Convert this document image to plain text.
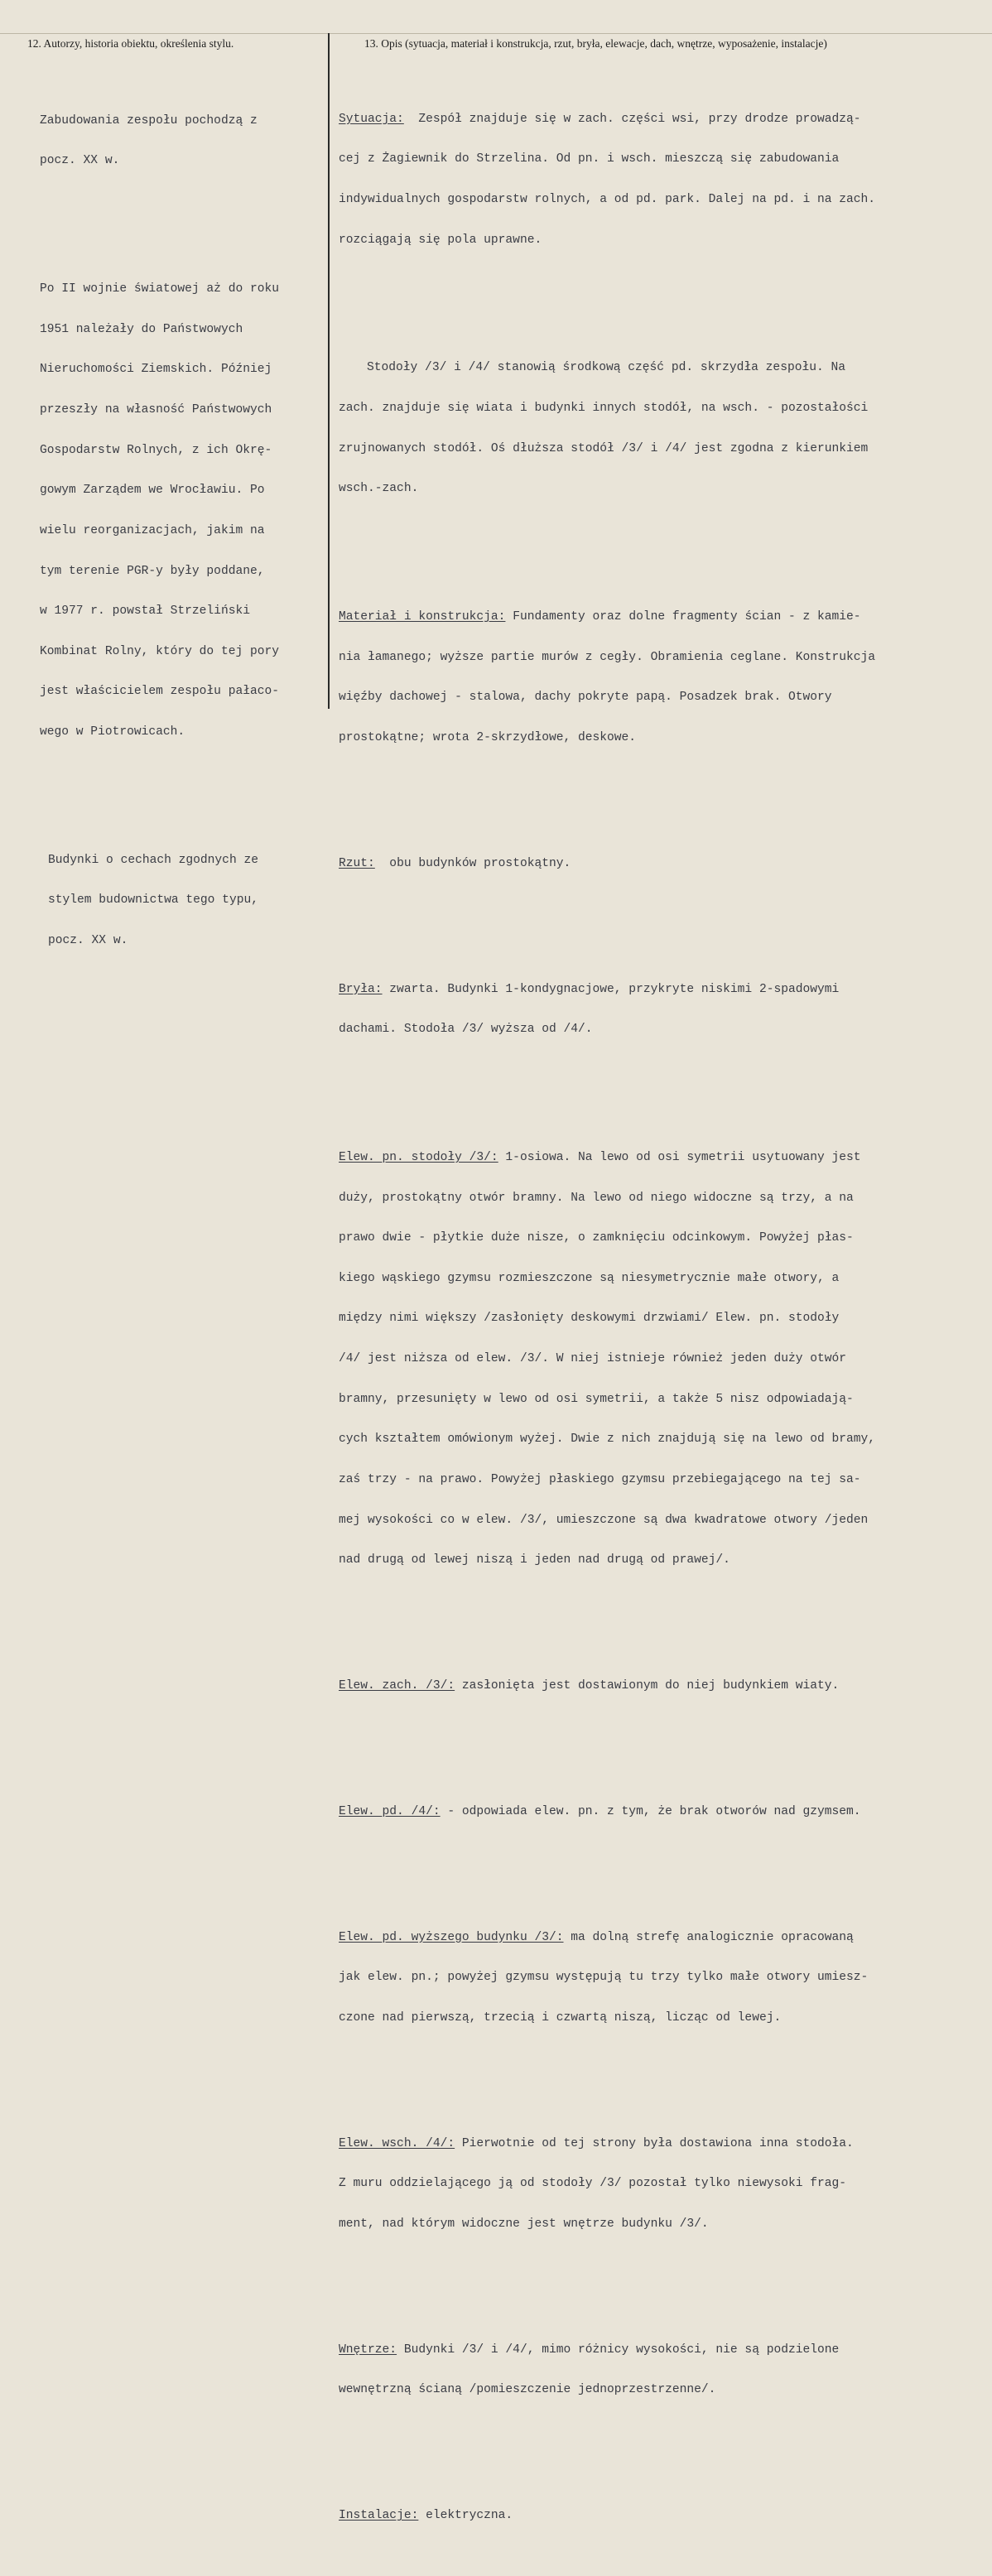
12. Autorzy, historia obiektu, określenia stylu.	13. Opis (sytuacja, materiał i konstrukcja, rzut, bryła, elewacje, dach, wnętrze, wyposażenie, instalacje)

Zabudowania zespołu pochodzą z

pocz. XX w.

Po II wojnie światowej aż do roku

1951 należały do Państwowych

Nieruchomości Ziemskich. Później

przeszły na własność Państwowych

Gospodarstw Rolnych, z ich Okrę-

gowym Zarządem we Wrocławiu. Po

wielu reorganizacjach, jakim na

tym terenie PGR-y były poddane,

w 1977 r. powstał Strzeliński

Kombinat Rolny, który do tej pory

jest właścicielem zespołu pałaco-

wego w Piotrowicach.

Budynki o cechach zgodnych ze

stylem budownictwa tego typu,

pocz. XX w.

Sytuacja:  Zespół znajduje się w zach. części wsi, przy drodze prowadzą-

cej z Żagiewnik do Strzelina. Od pn. i wsch. mieszczą się zabudowania

indywidualnych gospodarstw rolnych, a od pd. park. Dalej na pd. i na zach.

rozciągają się pola uprawne.

Stodoły /3/ i /4/ stanowią środkową część pd. skrzydła zespołu. Na

zach. znajduje się wiata i budynki innych stodół, na wsch. - pozostałości

zrujnowanych stodół. Oś dłuższa stodół /3/ i /4/ jest zgodna z kierunkiem

wsch.-zach.

Materiał i konstrukcja: Fundamenty oraz dolne fragmenty ścian - z kamie-

nia łamanego; wyższe partie murów z cegły. Obramienia ceglane. Konstrukcja

więźby dachowej - stalowa, dachy pokryte papą. Posadzek brak. Otwory

prostokątne; wrota 2-skrzydłowe, deskowe.

Rzut:  obu budynków prostokątny.

Bryła: zwarta. Budynki 1-kondygnacjowe, przykryte niskimi 2-spadowymi

dachami. Stodoła /3/ wyższa od /4/.

Elew. pn. stodoły /3/: 1-osiowa. Na lewo od osi symetrii usytuowany jest

duży, prostokątny otwór bramny. Na lewo od niego widoczne są trzy, a na

prawo dwie - płytkie duże nisze, o zamknięciu odcinkowym. Powyżej płas-

kiego wąskiego gzymsu rozmieszczone są niesymetrycznie małe otwory, a

między nimi większy /zasłonięty deskowymi drzwiami/ Elew. pn. stodoły

/4/ jest niższa od elew. /3/. W niej istnieje również jeden duży otwór

bramny, przesunięty w lewo od osi symetrii, a także 5 nisz odpowiadają-

cych kształtem omówionym wyżej. Dwie z nich znajdują się na lewo od bramy,

zaś trzy - na prawo. Powyżej płaskiego gzymsu przebiegającego na tej sa-

mej wysokości co w elew. /3/, umieszczone są dwa kwadratowe otwory /jeden

nad drugą od lewej niszą i jeden nad drugą od prawej/.

Elew. zach. /3/: zasłonięta jest dostawionym do niej budynkiem wiaty.

Elew. pd. /4/: - odpowiada elew. pn. z tym, że brak otworów nad gzymsem.

Elew. pd. wyższego budynku /3/: ma dolną strefę analogicznie opracowaną

jak elew. pn.; powyżej gzymsu występują tu trzy tylko małe otwory umiesz-

czone nad pierwszą, trzecią i czwartą niszą, licząc od lewej.

Elew. wsch. /4/: Pierwotnie od tej strony była dostawiona inna stodoła.

Z muru oddzielającego ją od stodoły /3/ pozostał tylko niewysoki frag-

ment, nad którym widoczne jest wnętrze budynku /3/.

Wnętrze: Budynki /3/ i /4/, mimo różnicy wysokości, nie są podzielone

wewnętrzną ścianą /pomieszczenie jednoprzestrzenne/.

Instalacje: elektryczna.
